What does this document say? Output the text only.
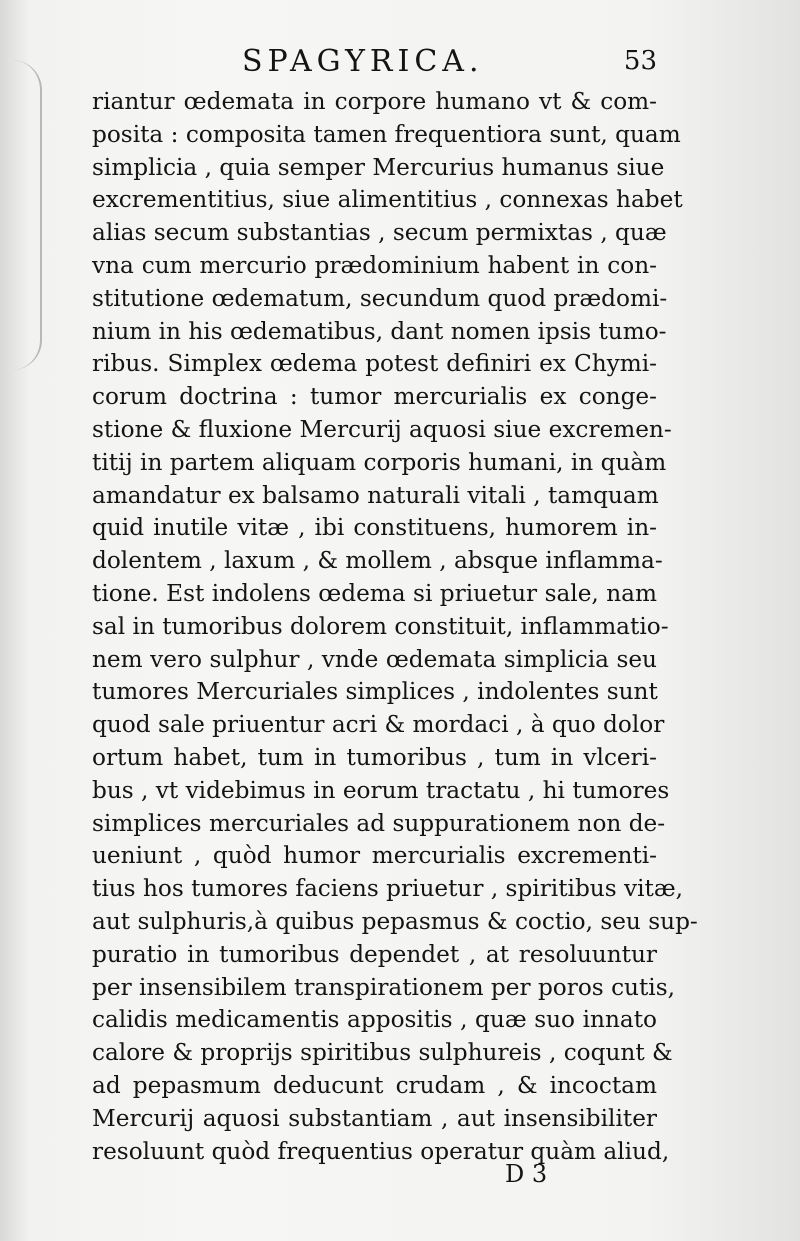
SPAGYRICA.	53
riantur œdemata in corpore humano vt & com-
posita : composita tamen frequentiora sunt, quam
simplicia , quia semper Mercurius humanus siue
excrementitius, siue alimentitius , connexas habet
alias secum substantias , secum permixtas , quæ
vna cum mercurio prædominium habent in con-
stitutione œdematum, secundum quod prædomi-
nium in his œdematibus, dant nomen ipsis tumo-
ribus. Simplex œdema potest definiri ex Chymi-
corum doctrina : tumor mercurialis ex conge-
stione & fluxione Mercurij aquosi siue excremen-
titij in partem aliquam corporis humani, in quàm
amandatur ex balsamo naturali vitali , tamquam
quid inutile vitæ , ibi constituens, humorem in-
dolentem , laxum , & mollem , absque inflamma-
tione. Est indolens œdema si priuetur sale, nam
sal in tumoribus dolorem constituit, inflammatio-
nem vero sulphur , vnde œdemata simplicia seu
tumores Mercuriales simplices , indolentes sunt
quod sale priuentur acri & mordaci , à quo dolor
ortum habet, tum in tumoribus , tum in vlceri-
bus , vt videbimus in eorum tractatu , hi tumores
simplices mercuriales ad suppurationem non de-
ueniunt , quòd humor mercurialis excrementi-
tius hos tumores faciens priuetur , spiritibus vitæ,
aut sulphuris,à quibus pepasmus & coctio, seu sup-
puratio in tumoribus dependet , at resoluuntur
per insensibilem transpirationem per poros cutis,
calidis medicamentis appositis , quæ suo innato
calore & proprijs spiritibus sulphureis , coqunt &
ad pepasmum deducunt crudam , & incoctam
Mercurij aquosi substantiam , aut insensibiliter
resoluunt quòd frequentius operatur quàm aliud,
D 3
